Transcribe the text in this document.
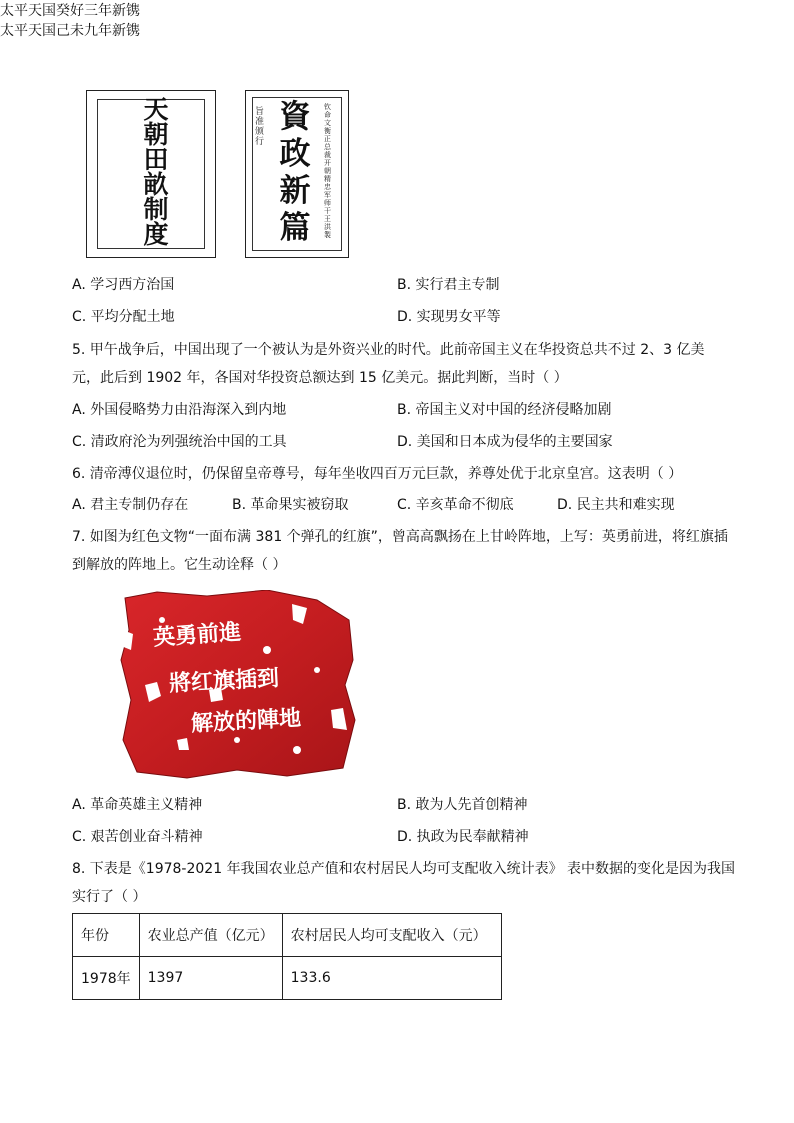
太平天国癸好三年新镌
天
朝
田
畝
制
度
太平天国己未九年新镌
旨准颁行
資
政
新
篇
钦命文衡正总裁开朝精忠军师干王洪 製
A. 学习西方治国	B. 实行君主专制
C. 平均分配土地	D. 实现男女平等
5. 甲午战争后，中国出现了一个被认为是外资兴业的时代。此前帝国主义在华投资总共不过 2、3 亿美
元，此后到 1902 年，各国对华投资总额达到 15 亿美元。据此判断，当时（ ）
A. 外国侵略势力由沿海深入到内地	B. 帝国主义对中国的经济侵略加剧
C. 清政府沦为列强统治中国的工具	D. 美国和日本成为侵华的主要国家
6. 清帝溥仪退位时，仍保留皇帝尊号，每年坐收四百万元巨款，养尊处优于北京皇宫。这表明（ ）
A. 君主专制仍存在	B. 革命果实被窃取	C. 辛亥革命不彻底	D. 民主共和难实现
7. 如图为红色文物“一面布满 381 个弹孔的红旗”，曾高高飘扬在上甘岭阵地，上写：英勇前进，将红旗插
到解放的阵地上。它生动诠释（ ）
英勇前進
將红旗插到
解放的陣地
A. 革命英雄主义精神	B. 敢为人先首创精神
C. 艰苦创业奋斗精神	D. 执政为民奉献精神
8. 下表是《1978-2021 年我国农业总产值和农村居民人均可支配收入统计表》 表中数据的变化是因为我国
实行了（ ）
年份	农业总产值（亿元）	农村居民人均可支配收入（元）
1978年	1397	133.6
